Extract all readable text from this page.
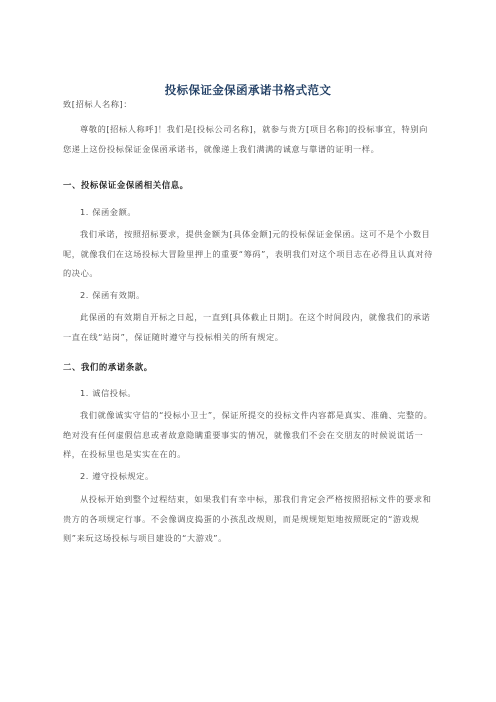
投标保证金保函承诺书格式范文

致[招标人名称]：

尊敬的[招标人称呼]！我们是[投标公司名称]，就参与贵方[项目名称]的投标事宜，特别向您递上这份投标保证金保函承诺书，就像递上我们满满的诚意与靠谱的证明一样。

一、投标保证金保函相关信息。
1. 保函金额。

我们承诺，按照招标要求，提供金额为[具体金额]元的投标保证金保函。这可不是个小数目呢，就像我们在这场投标大冒险里押上的重要“筹码”，表明我们对这个项目志在必得且认真对待的决心。

2. 保函有效期。

此保函的有效期自开标之日起，一直到[具体截止日期]。在这个时间段内，就像我们的承诺一直在线“站岗”，保证随时遵守与投标相关的所有规定。

二、我们的承诺条款。
1. 诚信投标。

我们就像诚实守信的“投标小卫士”，保证所提交的投标文件内容都是真实、准确、完整的。绝对没有任何虚假信息或者故意隐瞒重要事实的情况，就像我们不会在交朋友的时候说谎话一样，在投标里也是实实在在的。

2. 遵守投标规定。

从投标开始到整个过程结束，如果我们有幸中标，那我们肯定会严格按照招标文件的要求和贵方的各项规定行事。不会像调皮捣蛋的小孩乱改规则，而是规规矩矩地按照既定的“游戏规则”来玩这场投标与项目建设的“大游戏”。
